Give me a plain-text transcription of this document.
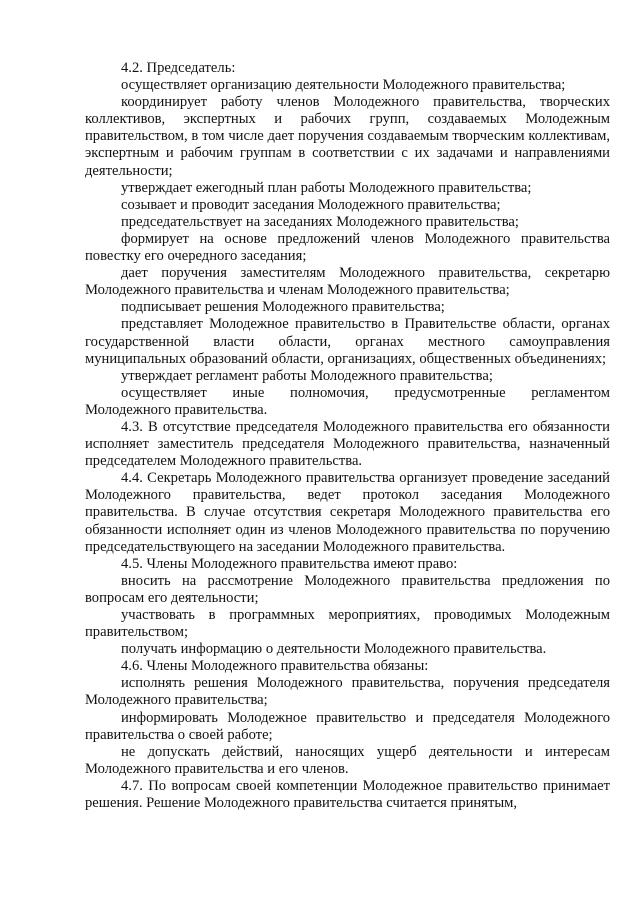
4.2. Председатель:

осуществляет организацию деятельности Молодежного правительства;

координирует работу членов Молодежного правительства, творческих коллективов, экспертных и рабочих групп, создаваемых Молодежным правительством, в том числе дает поручения создаваемым творческим коллективам, экспертным и рабочим группам в соответствии с их задачами и направлениями деятельности;

утверждает ежегодный план работы Молодежного правительства;

созывает и проводит заседания Молодежного правительства;

председательствует на заседаниях Молодежного правительства;

формирует на основе предложений членов Молодежного правительства повестку его очередного заседания;

дает поручения заместителям Молодежного правительства, секретарю Молодежного правительства и членам Молодежного правительства;

подписывает решения Молодежного правительства;

представляет Молодежное правительство в Правительстве области, органах государственной власти области, органах местного самоуправления муниципальных образований области, организациях, общественных объединениях;

утверждает регламент работы Молодежного правительства;

осуществляет иные полномочия, предусмотренные регламентом Молодежного правительства.

4.3. В отсутствие председателя Молодежного правительства его обязанности исполняет заместитель председателя Молодежного правительства, назначенный председателем Молодежного правительства.

4.4. Секретарь Молодежного правительства организует проведение заседаний Молодежного правительства, ведет протокол заседания Молодежного правительства. В случае отсутствия секретаря Молодежного правительства его обязанности исполняет один из членов Молодежного правительства по поручению председательствующего на заседании Молодежного правительства.

4.5. Члены Молодежного правительства имеют право:

вносить на рассмотрение Молодежного правительства предложения по вопросам его деятельности;

участвовать в программных мероприятиях, проводимых Молодежным правительством;

получать информацию о деятельности Молодежного правительства.

4.6. Члены Молодежного правительства обязаны:

исполнять решения Молодежного правительства, поручения председателя Молодежного правительства;

информировать Молодежное правительство и председателя Молодежного правительства о своей работе;

не допускать действий, наносящих ущерб деятельности и интересам Молодежного правительства и его членов.

4.7. По вопросам своей компетенции Молодежное правительство принимает решения. Решение Молодежного правительства считается принятым,
